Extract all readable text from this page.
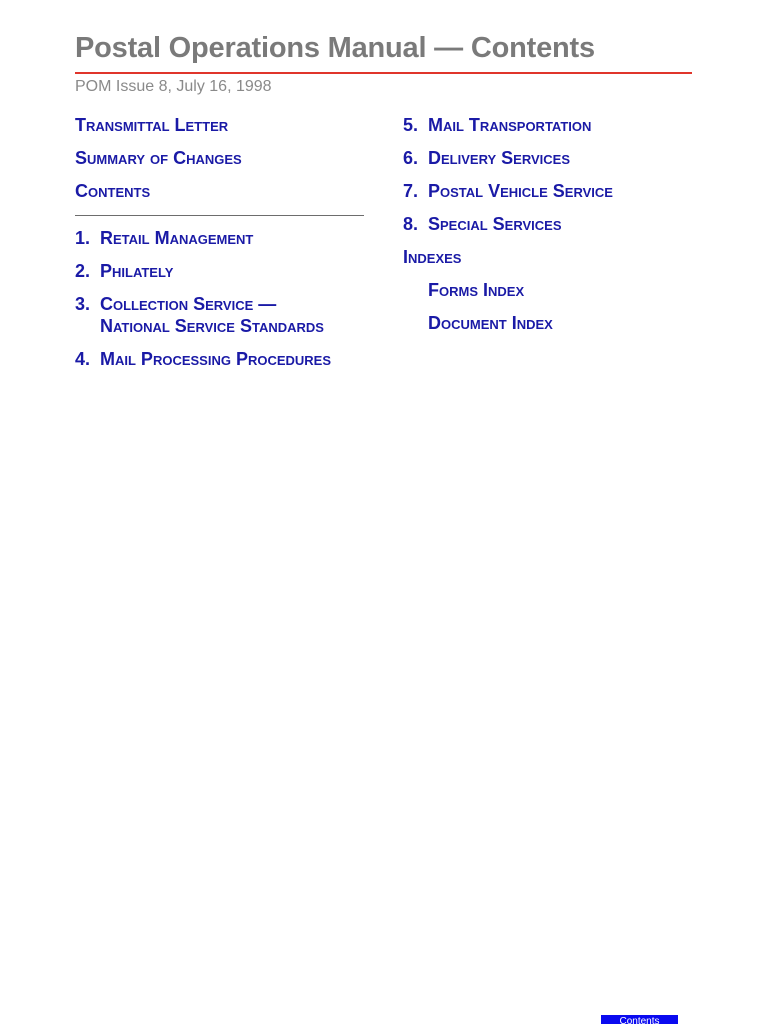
Postal Operations Manual — Contents
POM Issue 8, July 16, 1998
Transmittal Letter
Summary of Changes
Contents
1. Retail Management
2. Philately
3. Collection Service —
National Service Standards
4. Mail Processing Procedures
5. Mail Transportation
6. Delivery Services
7. Postal Vehicle Service
8. Special Services
Indexes
Forms Index
Document Index
Contents
